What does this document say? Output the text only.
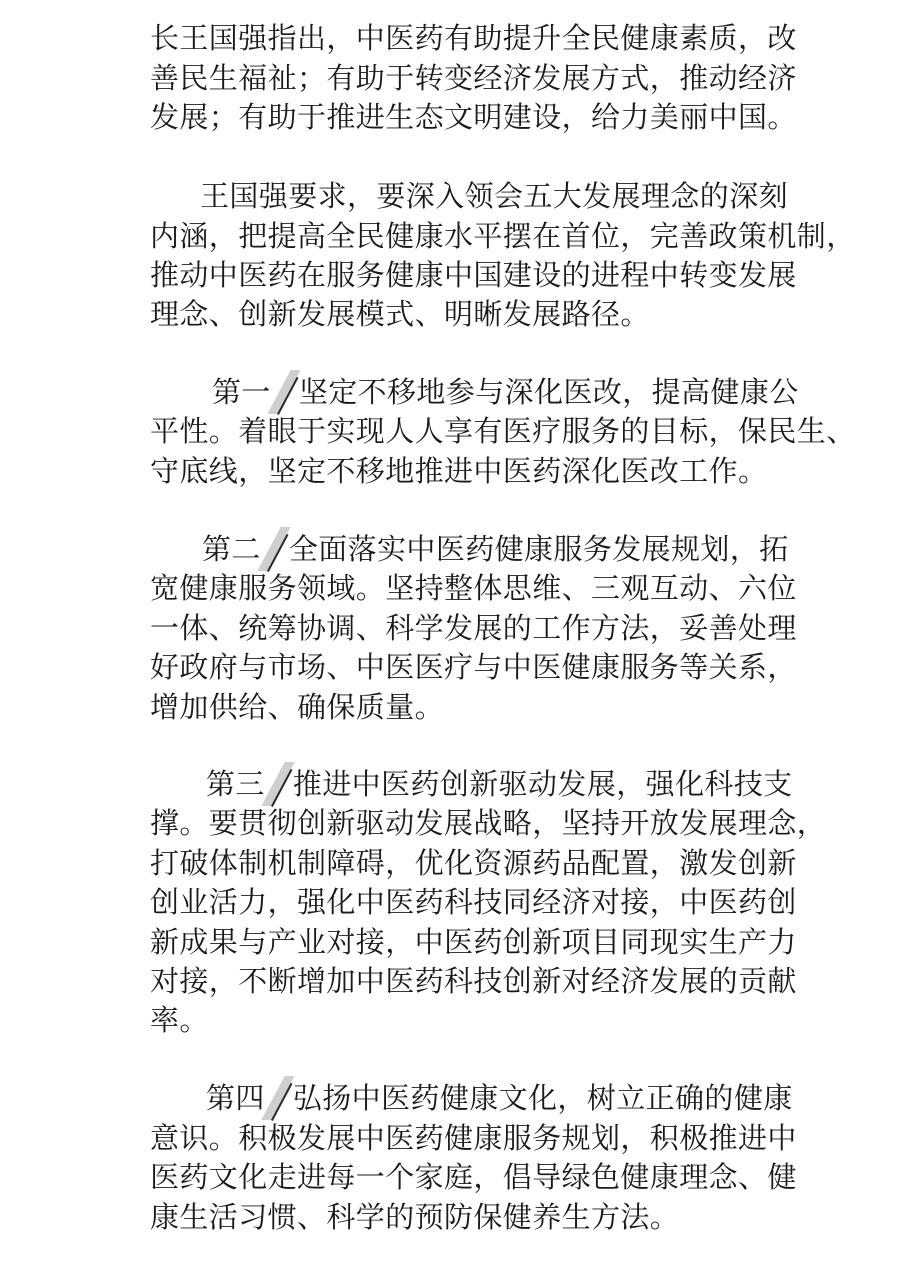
长王国强指出，中医药有助提升全民健康素质，改
善民生福祉；有助于转变经济发展方式，推动经济
发展；有助于推进生态文明建设，给力美丽中国。
王国强要求，要深入领会五大发展理念的深刻
内涵，把提高全民健康水平摆在首位，完善政策机制，
推动中医药在服务健康中国建设的进程中转变发展
理念、创新发展模式、明晰发展路径。
第一 坚定不移地参与深化医改，提高健康公
平性。着眼于实现人人享有医疗服务的目标，保民生、
守底线，坚定不移地推进中医药深化医改工作。
第二 全面落实中医药健康服务发展规划，拓
宽健康服务领域。坚持整体思维、三观互动、六位
一体、统筹协调、科学发展的工作方法，妥善处理
好政府与市场、中医医疗与中医健康服务等关系，
增加供给、确保质量。
第三 推进中医药创新驱动发展，强化科技支
撑。要贯彻创新驱动发展战略，坚持开放发展理念，
打破体制机制障碍，优化资源药品配置，激发创新
创业活力，强化中医药科技同经济对接，中医药创
新成果与产业对接，中医药创新项目同现实生产力
对接，不断增加中医药科技创新对经济发展的贡献
率。
第四 弘扬中医药健康文化，树立正确的健康
意识。积极发展中医药健康服务规划，积极推进中
医药文化走进每一个家庭，倡导绿色健康理念、健
康生活习惯、科学的预防保健养生方法。
